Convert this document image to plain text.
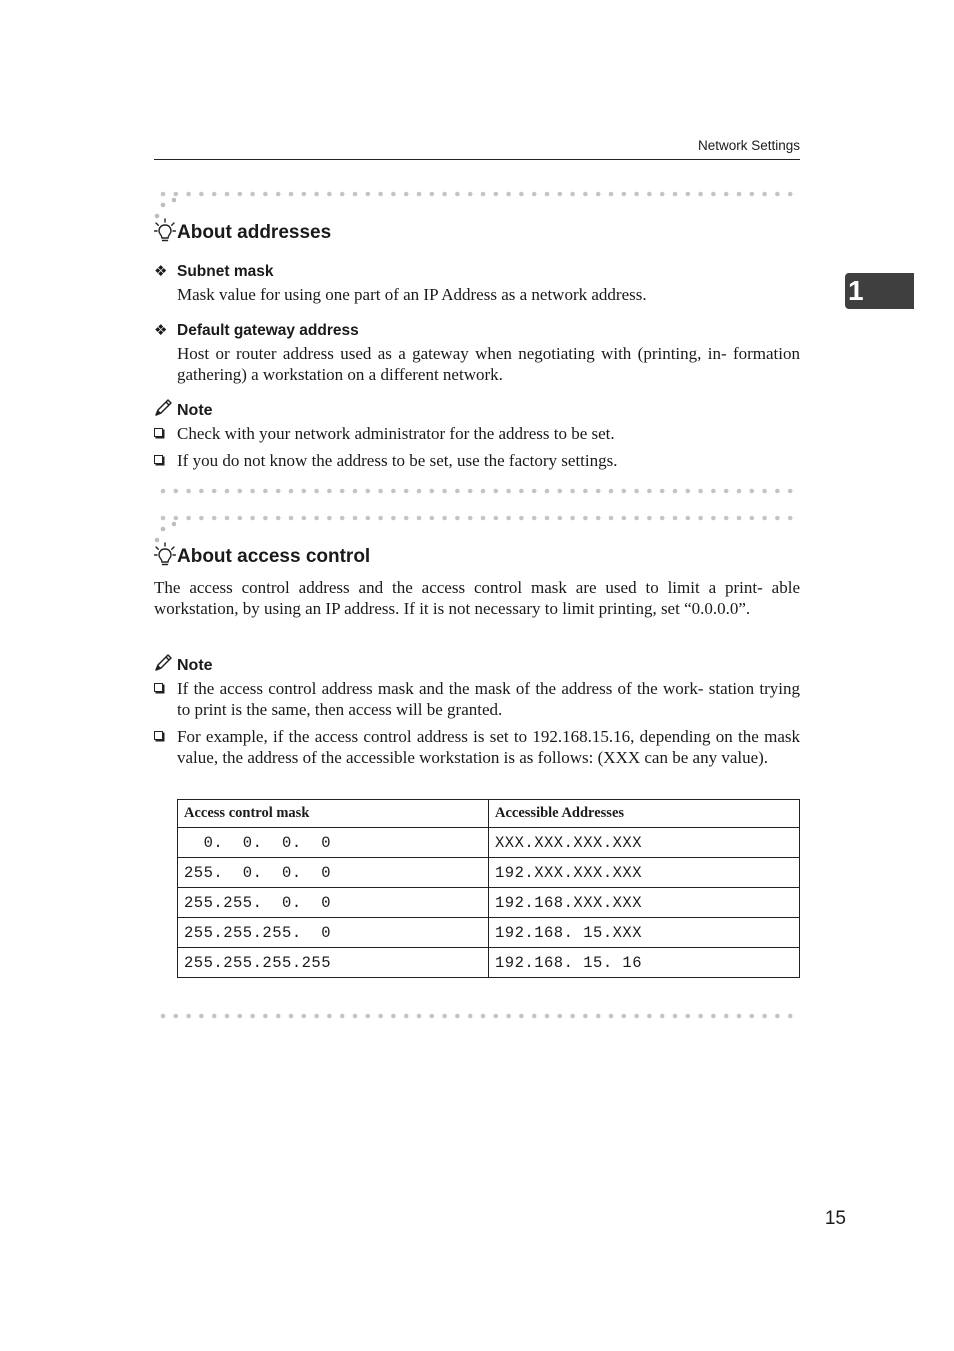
Network Settings
1
About addresses
❖ Subnet mask
Mask value for using one part of an IP Address as a network address.
❖ Default gateway address
Host or router address used as a gateway when negotiating with (printing, in- formation gathering) a workstation on a different network.
Note
Check with your network administrator for the address to be set.
If you do not know the address to be set, use the factory settings.
About access control
The access control address and the access control mask are used to limit a print- able workstation, by using an IP address. If it is not necessary to limit printing, set “0.0.0.0”.
Note
If the access control address mask and the mask of the address of the work- station trying to print is the same, then access will be granted.
For example, if the access control address is set to 192.168.15.16, depending on the mask value, the address of the accessible workstation is as follows: (XXX can be any value).
Access control mask	Accessible Addresses
0.  0.  0.  0	XXX.XXX.XXX.XXX
255.  0.  0.  0	192.XXX.XXX.XXX
255.255.  0.  0	192.168.XXX.XXX
255.255.255.  0	192.168. 15.XXX
255.255.255.255	192.168. 15. 16
15
